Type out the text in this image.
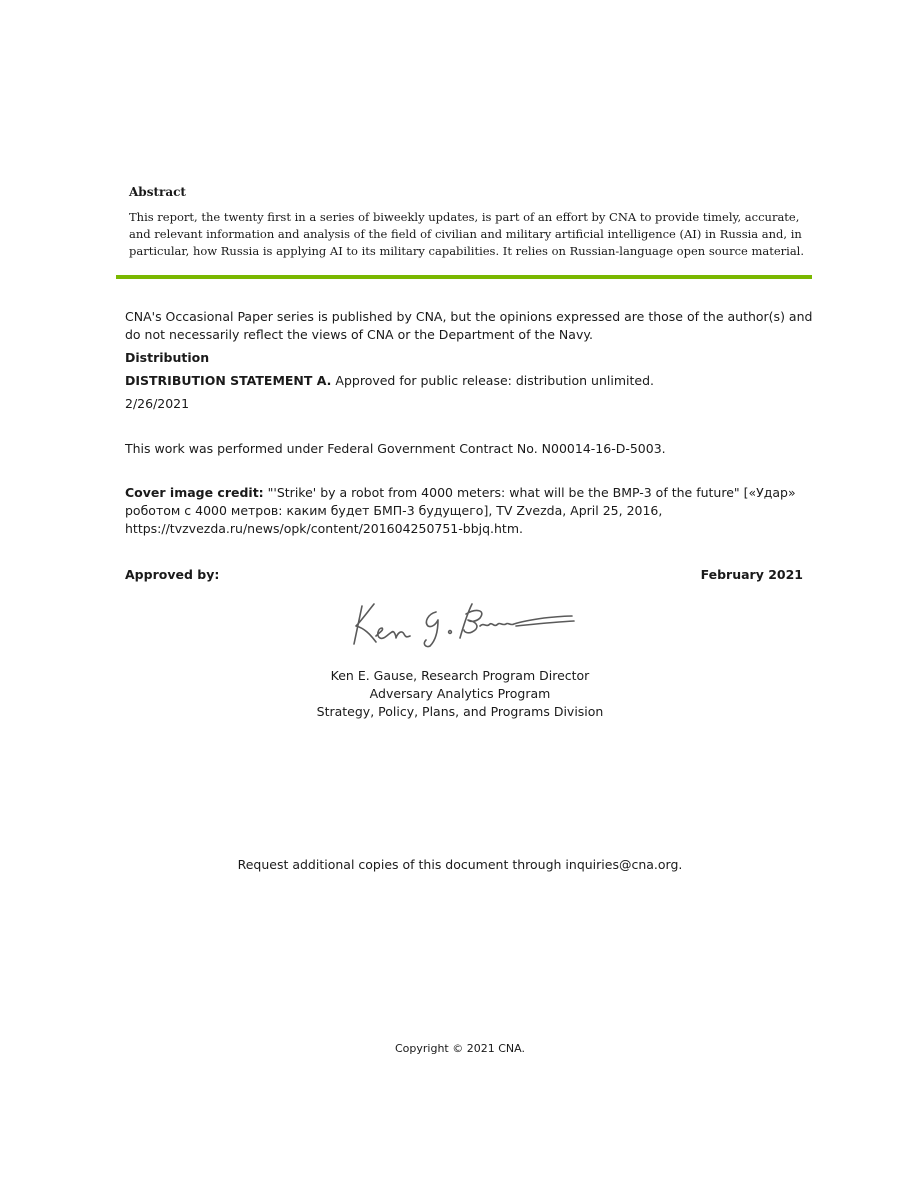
Abstract
This report, the twenty first in a series of biweekly updates, is part of an effort by CNA to provide timely, accurate, and relevant information and analysis of the field of civilian and military artificial intelligence (AI) in Russia and, in particular, how Russia is applying AI to its military capabilities. It relies on Russian-language open source material.
CNA's Occasional Paper series is published by CNA, but the opinions expressed are those of the author(s) and do not necessarily reflect the views of CNA or the Department of the Navy.
Distribution
DISTRIBUTION STATEMENT A. Approved for public release: distribution unlimited.
2/26/2021
This work was performed under Federal Government Contract No. N00014-16-D-5003.
Cover image credit: "'Strike' by a robot from 4000 meters: what will be the BMP-3 of the future" [«Удар» роботом с 4000 метров: каким будет БМП-3 будущего], TV Zvezda, April 25, 2016, https://tvzvezda.ru/news/opk/content/201604250751-bbjq.htm.
Approved by:	February 2021
Ken E. Gause, Research Program Director
Adversary Analytics Program
Strategy, Policy, Plans, and Programs Division
Request additional copies of this document through inquiries@cna.org.
Copyright © 2021 CNA.
